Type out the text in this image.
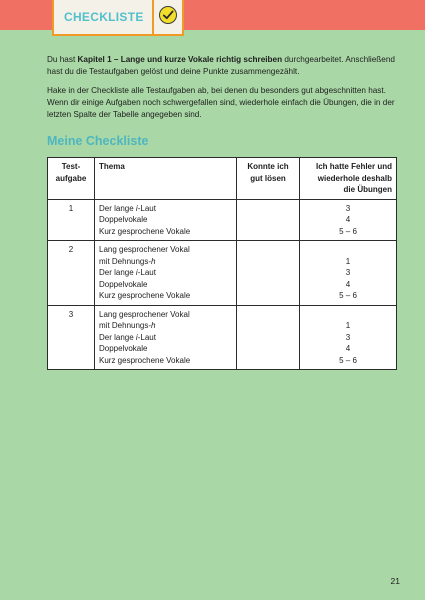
CHECKLISTE

Du hast Kapitel 1 – Lange und kurze Vokale richtig schreiben durchgearbeitet. Anschließend hast du die Testaufgaben gelöst und deine Punkte zusammengezählt.

Hake in der Checkliste alle Testaufgaben ab, bei denen du besonders gut abgeschnitten hast. Wenn dir einige Aufgaben noch schwergefallen sind, wiederhole einfach die Übungen, die in der letzten Spalte der Tabelle angegeben sind.

Meine Checkliste
Test-
aufgabe	Thema	Konnte ich
gut lösen	Ich hatte Fehler und
wiederhole deshalb
die Übungen

1	Der lange i-Laut
Doppelvokale
Kurz gesprochene Vokale		3
4
5 – 6

2	Lang gesprochener Vokal
mit Dehnungs-h
Der lange i-Laut
Doppelvokale
Kurz gesprochene Vokale		1
3
4
5 – 6

3	Lang gesprochener Vokal
mit Dehnungs-h
Der lange i-Laut
Doppelvokale
Kurz gesprochene Vokale		1
3
4
5 – 6
21
